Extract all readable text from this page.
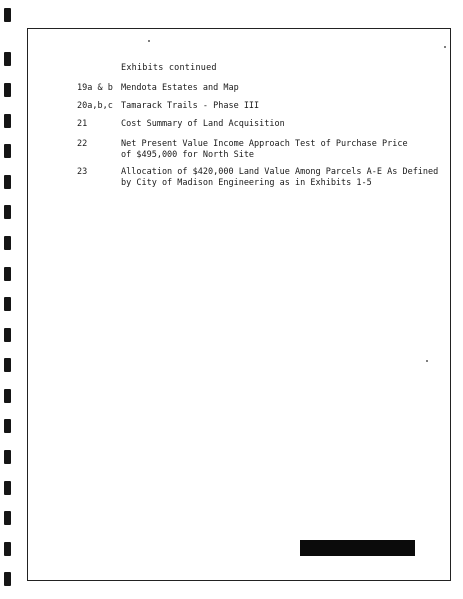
Exhibits continued
19a & b Mendota Estates and Map
20a,b,c Tamarack Trails - Phase III
21	Cost Summary of Land Acquisition
22	Net Present Value Income Approach Test of Purchase Price
of $495,000 for North Site
23	Allocation of $420,000 Land Value Among Parcels A-E As Defined
by City of Madison Engineering as in Exhibits 1-5
